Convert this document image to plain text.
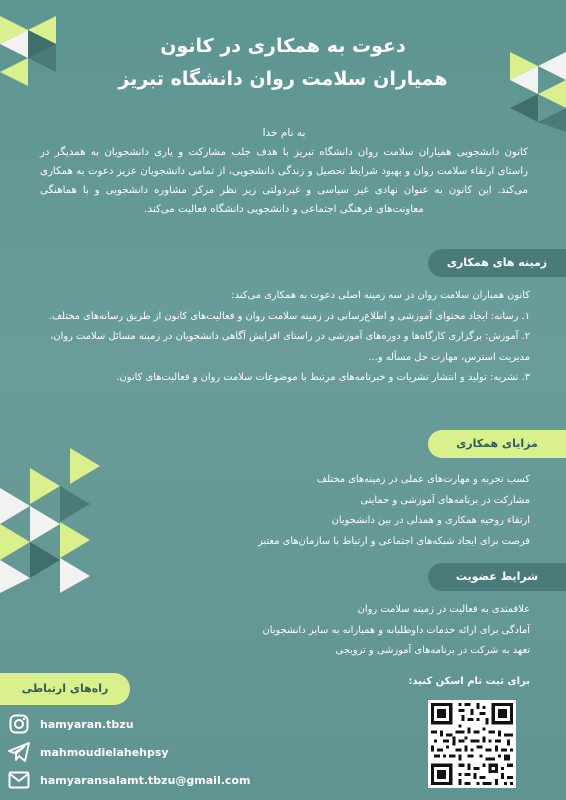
دعوت به همکاری در کانون
همیاران سلامت روان دانشگاه تبریز
به نام خدا
کانون دانشجویی همیاران سلامت روان دانشگاه تبریز با هدف جلب مشارکت و یاری دانشجویان به همدیگر در راستای ارتقاء سلامت روان و بهبود شرایط تحصیل و زندگی دانشجویی، از تمامی دانشجویان عزیز دعوت به همکاری می‌کند. این کانون به عنوان نهادی غیر سیاسی و غیردولتی زیر نظر مرکز مشاوره دانشجویی و با هماهنگی معاونت‌های فرهنگی اجتماعی و دانشجویی دانشگاه فعالیت می‌کند.
زمینه های همکاری

کانون همیاران سلامت روان در سه زمینه اصلی دعوت به همکاری می‌کند:

۱. رسانه: ایجاد محتوای آموزشی و اطلاع‌رسانی در زمینه سلامت روان و فعالیت‌های کانون از طریق رسانه‌های مختلف.

۲. آموزش: برگزاری کارگاه‌ها و دوره‌های آموزشی در راستای افزایش آگاهی دانشجویان در زمینه مسائل سلامت روان، مدیریت استرس، مهارت حل مسأله و...

۳. نشریه: تولید و انتشار نشریات و خبرنامه‌های مرتبط با موضوعات سلامت روان و فعالیت‌های کانون.

مزایای همکاری

کسب تجربه و مهارت‌های عملی در زمینه‌های مختلف

مشارکت در برنامه‌های آموزشی و حمایتی

ارتقاء روحیه همکاری و همدلی در بین دانشجویان

فرصت برای ایجاد شبکه‌های اجتماعی و ارتباط با سازمان‌های معتبر

شرایط عضویت

علاقمندی به فعالیت در زمینه سلامت روان

آمادگی برای ارائه خدمات داوطلبانه و همیارانه به سایر دانشجویان

تعهد به شرکت در برنامه‌های آموزشی و ترویجی

راه‌های ارتباطی
hamyaran.tbzu
mahmoudielahehpsy
hamyaransalamt.tbzu@gmail.com
برای ثبت نام اسکن کنید:
